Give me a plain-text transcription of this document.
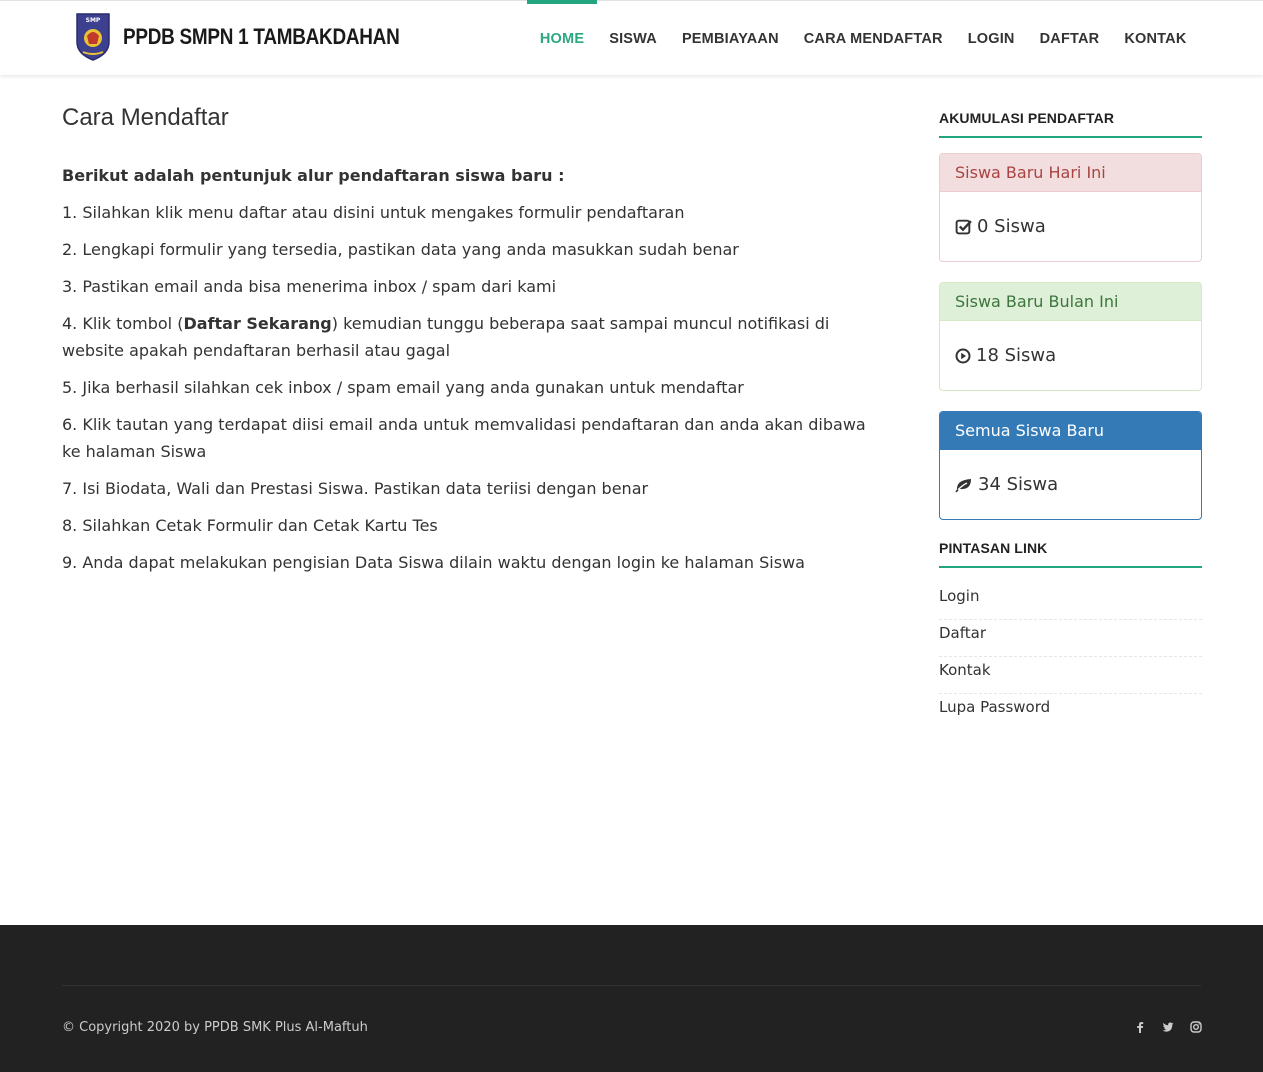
SMP
PPDB SMPN 1 TAMBAKDAHAN	HOME	SISWA	PEMBIAYAAN	CARA MENDAFTAR	LOGIN	DAFTAR	KONTAK
Cara Mendaftar

Berikut adalah pentunjuk alur pendaftaran siswa baru :

1. Silahkan klik menu daftar atau disini untuk mengakes formulir pendaftaran
2. Lengkapi formulir yang tersedia, pastikan data yang anda masukkan sudah benar
3. Pastikan email anda bisa menerima inbox / spam dari kami
4. Klik tombol (Daftar Sekarang) kemudian tunggu beberapa saat sampai muncul notifikasi di website apakah pendaftaran berhasil atau gagal
5. Jika berhasil silahkan cek inbox / spam email yang anda gunakan untuk mendaftar
6. Klik tautan yang terdapat diisi email anda untuk memvalidasi pendaftaran dan anda akan dibawa ke halaman Siswa
7. Isi Biodata, Wali dan Prestasi Siswa. Pastikan data teriisi dengan benar
8. Silahkan Cetak Formulir dan Cetak Kartu Tes
9. Anda dapat melakukan pengisian Data Siswa dilain waktu dengan login ke halaman Siswa
AKUMULASI PENDAFTAR
Siswa Baru Hari Ini
0 Siswa
Siswa Baru Bulan Ini
18 Siswa
Semua Siswa Baru
34 Siswa
PINTASAN LINK
Login
Daftar
Kontak
Lupa Password
© Copyright 2020 by PPDB SMK Plus Al-Maftuh
